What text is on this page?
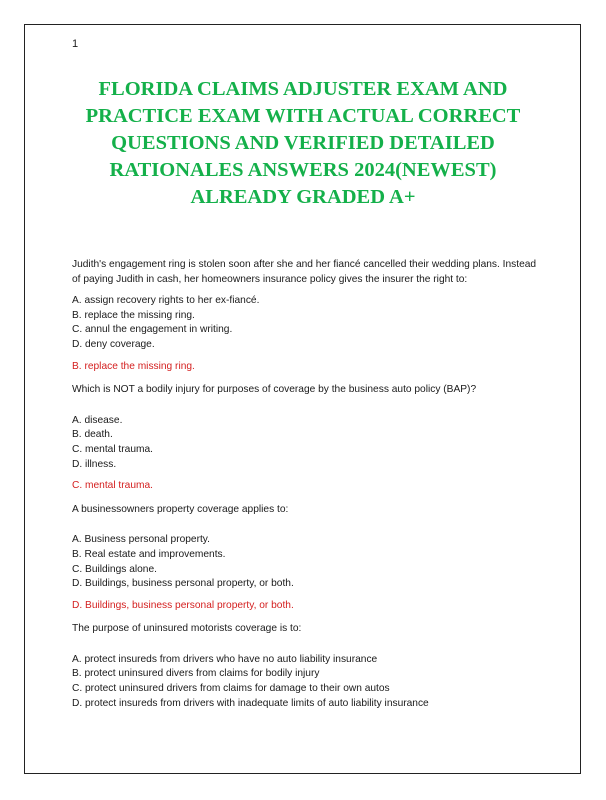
1
FLORIDA CLAIMS ADJUSTER EXAM AND PRACTICE EXAM WITH ACTUAL CORRECT QUESTIONS AND VERIFIED DETAILED RATIONALES ANSWERS 2024(NEWEST) ALREADY GRADED A+

Judith's engagement ring is stolen soon after she and her fiancé cancelled their wedding plans. Instead of paying Judith in cash, her homeowners insurance policy gives the insurer the right to:

A. assign recovery rights to her ex-fiancé.
B. replace the missing ring.
C. annul the engagement in writing.
D. deny coverage.

B. replace the missing ring.

Which is NOT a bodily injury for purposes of coverage by the business auto policy (BAP)?

A. disease.
B. death.
C. mental trauma.
D. illness.

C. mental trauma.

A businessowners property coverage applies to:

A. Business personal property.
B. Real estate and improvements.
C. Buildings alone.
D. Buildings, business personal property, or both.

D. Buildings, business personal property, or both.

The purpose of uninsured motorists coverage is to:

A. protect insureds from drivers who have no auto liability insurance
B. protect uninsured divers from claims for bodily injury
C. protect uninsured drivers from claims for damage to their own autos
D. protect insureds from drivers with inadequate limits of auto liability insurance
